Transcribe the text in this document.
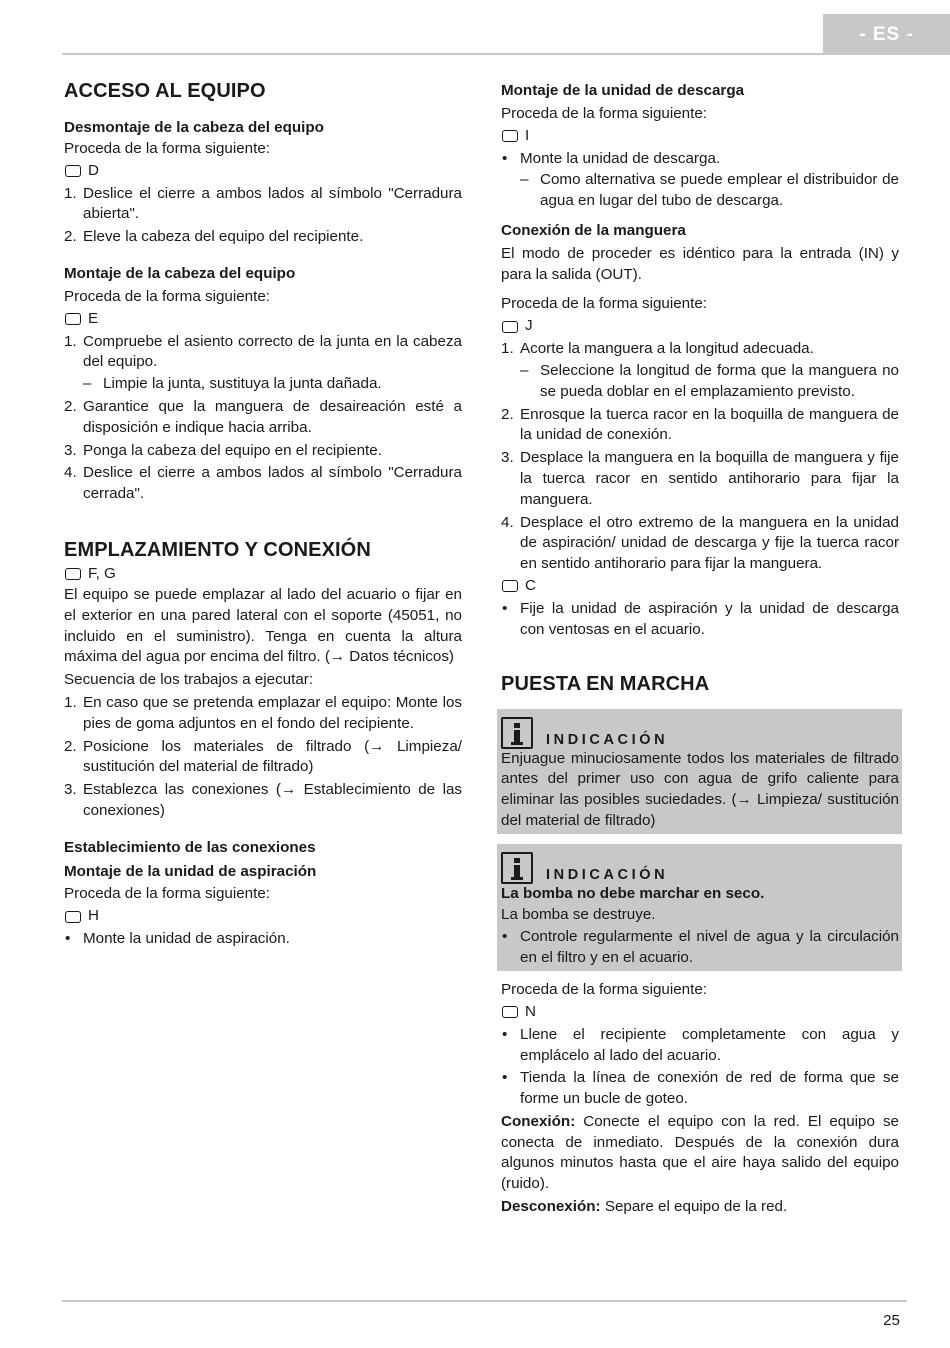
- ES -
ACCESO AL EQUIPO
Desmontaje de la cabeza del equipo

Proceda de la forma siguiente:

D
1. Deslice el cierre a ambos lados al símbolo "Cerradura abierta".
2. Eleve la cabeza del equipo del recipiente.
Montaje de la cabeza del equipo

Proceda de la forma siguiente:

E
1. Compruebe el asiento correcto de la junta en la cabeza del equipo.
– Limpie la junta, sustituya la junta dañada.
2. Garantice que la manguera de desaireación esté a disposición e indique hacia arriba.
3. Ponga la cabeza del equipo en el recipiente.
4. Deslice el cierre a ambos lados al símbolo "Cerradura cerrada".
EMPLAZAMIENTO Y CONEXIÓN
F, G

El equipo se puede emplazar al lado del acuario o fijar en el exterior en una pared lateral con el soporte (45051, no incluido en el suministro). Tenga en cuenta la altura máxima del agua por encima del filtro. (→ Datos técnicos)

Secuencia de los trabajos a ejecutar:

1. En caso que se pretenda emplazar el equipo: Monte los pies de goma adjuntos en el fondo del recipiente.
2. Posicione los materiales de filtrado (→ Limpieza/ sustitución del material de filtrado)
3. Establezca las conexiones (→ Establecimiento de las conexiones)
Establecimiento de las conexiones
Montaje de la unidad de aspiración

Proceda de la forma siguiente:

H
• Monte la unidad de aspiración.
Montaje de la unidad de descarga

Proceda de la forma siguiente:

I
• Monte la unidad de descarga.
– Como alternativa se puede emplear el distribuidor de agua en lugar del tubo de descarga.
Conexión de la manguera

El modo de proceder es idéntico para la entrada (IN) y para la salida (OUT).

Proceda de la forma siguiente:

J
1. Acorte la manguera a la longitud adecuada.
– Seleccione la longitud de forma que la manguera no se pueda doblar en el emplazamiento previsto.
2. Enrosque la tuerca racor en la boquilla de manguera de la unidad de conexión.
3. Desplace la manguera en la boquilla de manguera y fije la tuerca racor en sentido antihorario para fijar la manguera.
4. Desplace el otro extremo de la manguera en la unidad de aspiración/ unidad de descarga y fije la tuerca racor en sentido antihorario para fijar la manguera.
C
• Fije la unidad de aspiración y la unidad de descarga con ventosas en el acuario.
PUESTA EN MARCHA
INDICACIÓN

Enjuague minuciosamente todos los materiales de filtrado antes del primer uso con agua de grifo caliente para eliminar las posibles suciedades. (→ Limpieza/ sustitución del material de filtrado)

INDICACIÓN

La bomba no debe marchar en seco.

La bomba se destruye.

• Controle regularmente el nivel de agua y la circulación en el filtro y en el acuario.

Proceda de la forma siguiente:

N
• Llene el recipiente completamente con agua y emplácelo al lado del acuario.
• Tienda la línea de conexión de red de forma que se forme un bucle de goteo.

Conexión: Conecte el equipo con la red. El equipo se conecta de inmediato. Después de la conexión dura algunos minutos hasta que el aire haya salido del equipo (ruido).

Desconexión: Separe el equipo de la red.

25
